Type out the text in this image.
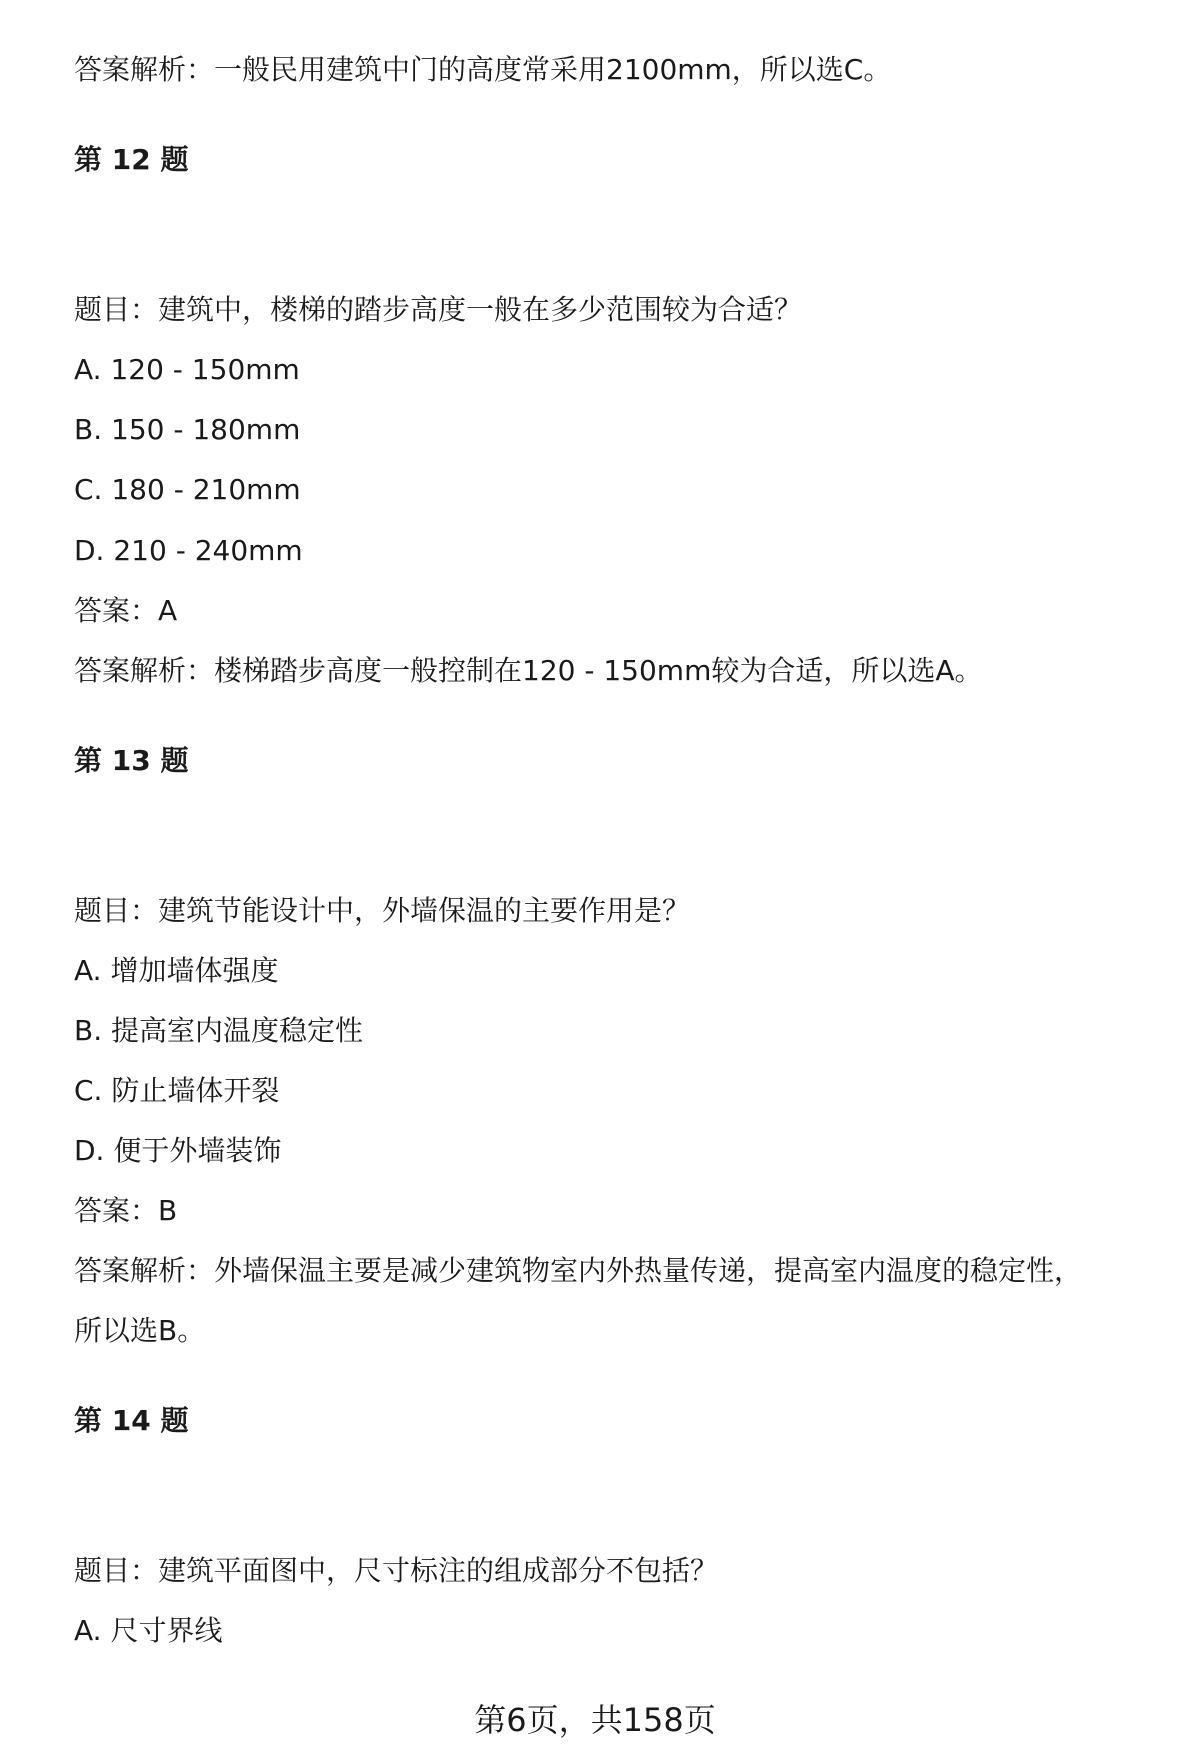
答案解析：一般民用建筑中门的高度常采用2100mm，所以选C。
第 12 题
题目：建筑中，楼梯的踏步高度一般在多少范围较为合适？
A. 120 - 150mm
B. 150 - 180mm
C. 180 - 210mm
D. 210 - 240mm
答案：A
答案解析：楼梯踏步高度一般控制在120 - 150mm较为合适，所以选A。
第 13 题
题目：建筑节能设计中，外墙保温的主要作用是？
A. 增加墙体强度
B. 提高室内温度稳定性
C. 防止墙体开裂
D. 便于外墙装饰
答案：B
答案解析：外墙保温主要是减少建筑物室内外热量传递，提高室内温度的稳定性，
所以选B。
第 14 题
题目：建筑平面图中，尺寸标注的组成部分不包括？
A. 尺寸界线
第6页，共158页
